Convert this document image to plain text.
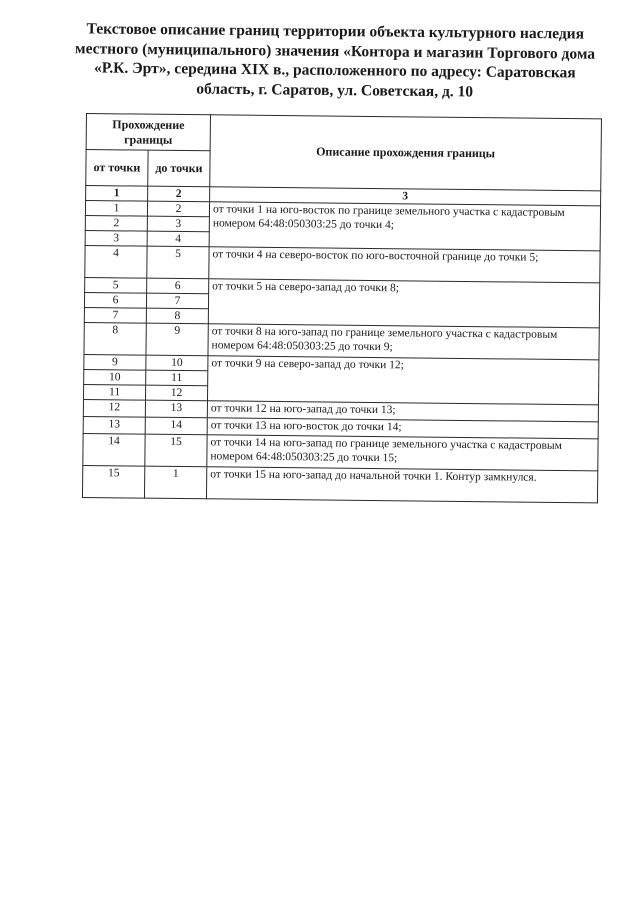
Текстовое описание границ территории объекта культурного наследия
местного (муниципального) значения «Контора и магазин Торгового дома
«Р.К. Эрт», середина XIX в., расположенного по адресу: Саратовская
область, г. Саратов, ул. Советская, д. 10
Прохождение границы		Описание прохождения границы
от точки	до точки	
1	2	3
1	2	от точки 1 на юго-восток по границе земельного участка с кадастровым номером 64:48:050303:25 до точки 4;
2	3	
3	4	
4	5	от точки 4 на северо-восток по юго-восточной границе до точки 5;
5	6	от точки 5 на северо-запад до точки 8;
6	7	
7	8	
8	9	от точки 8 на юго-запад по границе земельного участка с кадастровым номером 64:48:050303:25 до точки 9;
9	10	от точки 9 на северо-запад до точки 12;
10	11	
11	12	
12	13	от точки 12 на юго-запад до точки 13;
13	14	от точки 13 на юго-восток до точки 14;
14	15	от точки 14 на юго-запад по границе земельного участка с кадастровым номером 64:48:050303:25 до точки 15;
15	1	от точки 15 на юго-запад до начальной точки 1. Контур замкнулся.
